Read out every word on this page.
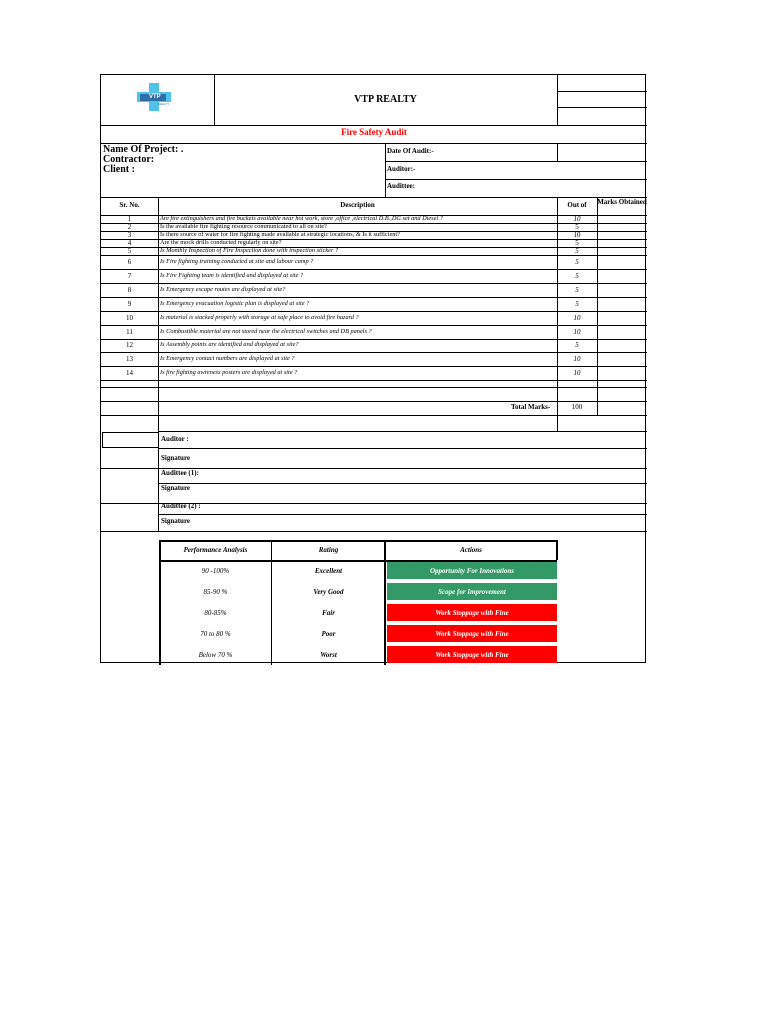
VTP
REALTY	VTP REALTY
Fire Safety Audit
Name Of Project: .
Contractor:
Client :
Date Of Audit:-
Auditor:-
Audittee:
Sr. No.	Description	Out of	Marks Obtained
1	Are fire extinguishers and fire buckets available near hot work, store ,office ,electrical D.B.,DG set and Diesel ?	10
2	Is the available fire fighting resource communicated to all on site?	5
3	Is there source of water for fire fighting made available at strategic locations, & Is it sufficient?	10
4	Are the mock drills conducted regularly on site?	5
5	Is Monthly Inspection of Fire Inspection done with inspection sticker ?	5
6	Is Fire fighting training conducted at site and labour camp ?	5
7	Is Fire Fighting team is identified and displayed at site ?	5
8	Is Emergency escape routes are displayed at site?	5
9	Is Emergency evacuation logistic plan is displayed at site ?	5
10	Is material is stacked properly with storage at safe place to avoid fire hazard ?	10
11	Is Combustible material are not stored near the electrical switches and DB panels ?	10
12	Is Assembly points are identified and displayed at site?	5
13	Is Emergency contact numbers are displayed at site ?	10
14	Is fire fighting awreness posters are displayed at site ?	10
Total Marks-	100
Auditor :
Signature
Audittee (1):
Signature
Audittee (2) :
Signature
Performance Analysis	Rating	Actions
90 -100%	Excellent	Opportunity For Innovations
85-90 %	Very Good	Scope for Improvement
80-85%	Fair	Work Stoppage with Fine
70 to 80 %	Poor	Work Stoppage with Fine
Below 70 %	Worst	Work Stoppage with Fine
